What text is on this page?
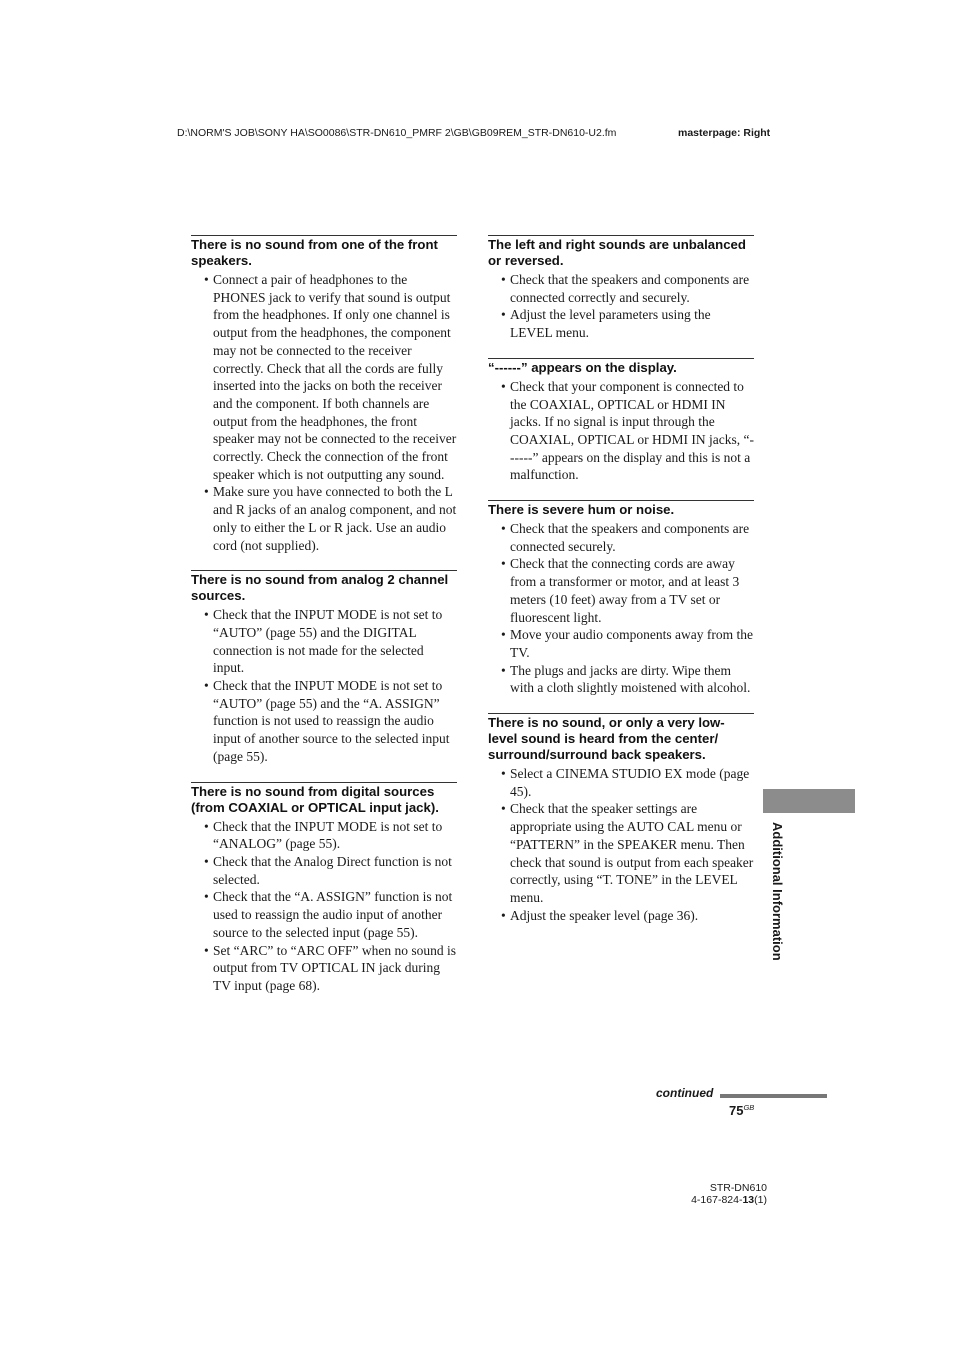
D:\NORM'S JOB\SONY HA\SO0086\STR-DN610_PMRF 2\GB\GB09REM_STR-DN610-U2.fm	masterpage: Right
There is no sound from one of the front speakers.
• Connect a pair of headphones to the PHONES jack to verify that sound is output from the headphones. If only one channel is output from the headphones, the component may not be connected to the receiver correctly. Check that all the cords are fully inserted into the jacks on both the receiver and the component. If both channels are output from the headphones, the front speaker may not be connected to the receiver correctly. Check the connection of the front speaker which is not outputting any sound.
• Make sure you have connected to both the L and R jacks of an analog component, and not only to either the L or R jack. Use an audio cord (not supplied).
There is no sound from analog 2 channel sources.
• Check that the INPUT MODE is not set to “AUTO” (page 55) and the DIGITAL connection is not made for the selected input.
• Check that the INPUT MODE is not set to “AUTO” (page 55) and the “A. ASSIGN” function is not used to reassign the audio input of another source to the selected input (page 55).
There is no sound from digital sources (from COAXIAL or OPTICAL input jack).
• Check that the INPUT MODE is not set to “ANALOG” (page 55).
• Check that the Analog Direct function is not selected.
• Check that the “A. ASSIGN” function is not used to reassign the audio input of another source to the selected input (page 55).
• Set “ARC” to “ARC OFF” when no sound is output from TV OPTICAL IN jack during TV input (page 68).
The left and right sounds are unbalanced or reversed.
• Check that the speakers and components are connected correctly and securely.
• Adjust the level parameters using the LEVEL menu.
“------” appears on the display.
• Check that your component is connected to the COAXIAL, OPTICAL or HDMI IN jacks. If no signal is input through the COAXIAL, OPTICAL or HDMI IN jacks, “------” appears on the display and this is not a malfunction.
There is severe hum or noise.
• Check that the speakers and components are connected securely.
• Check that the connecting cords are away from a transformer or motor, and at least 3 meters (10 feet) away from a TV set or fluorescent light.
• Move your audio components away from the TV.
• The plugs and jacks are dirty. Wipe them with a cloth slightly moistened with alcohol.
There is no sound, or only a very low-level sound is heard from the center/ surround/surround back speakers.
• Select a CINEMA STUDIO EX mode (page 45).
• Check that the speaker settings are appropriate using the AUTO CAL menu or “PATTERN” in the SPEAKER menu. Then check that sound is output from each speaker correctly, using “T. TONE” in the LEVEL menu.
• Adjust the speaker level (page 36).	Additional Information
continued
$75^{GB}$
STR-DN610
4-167-824-13(1)
